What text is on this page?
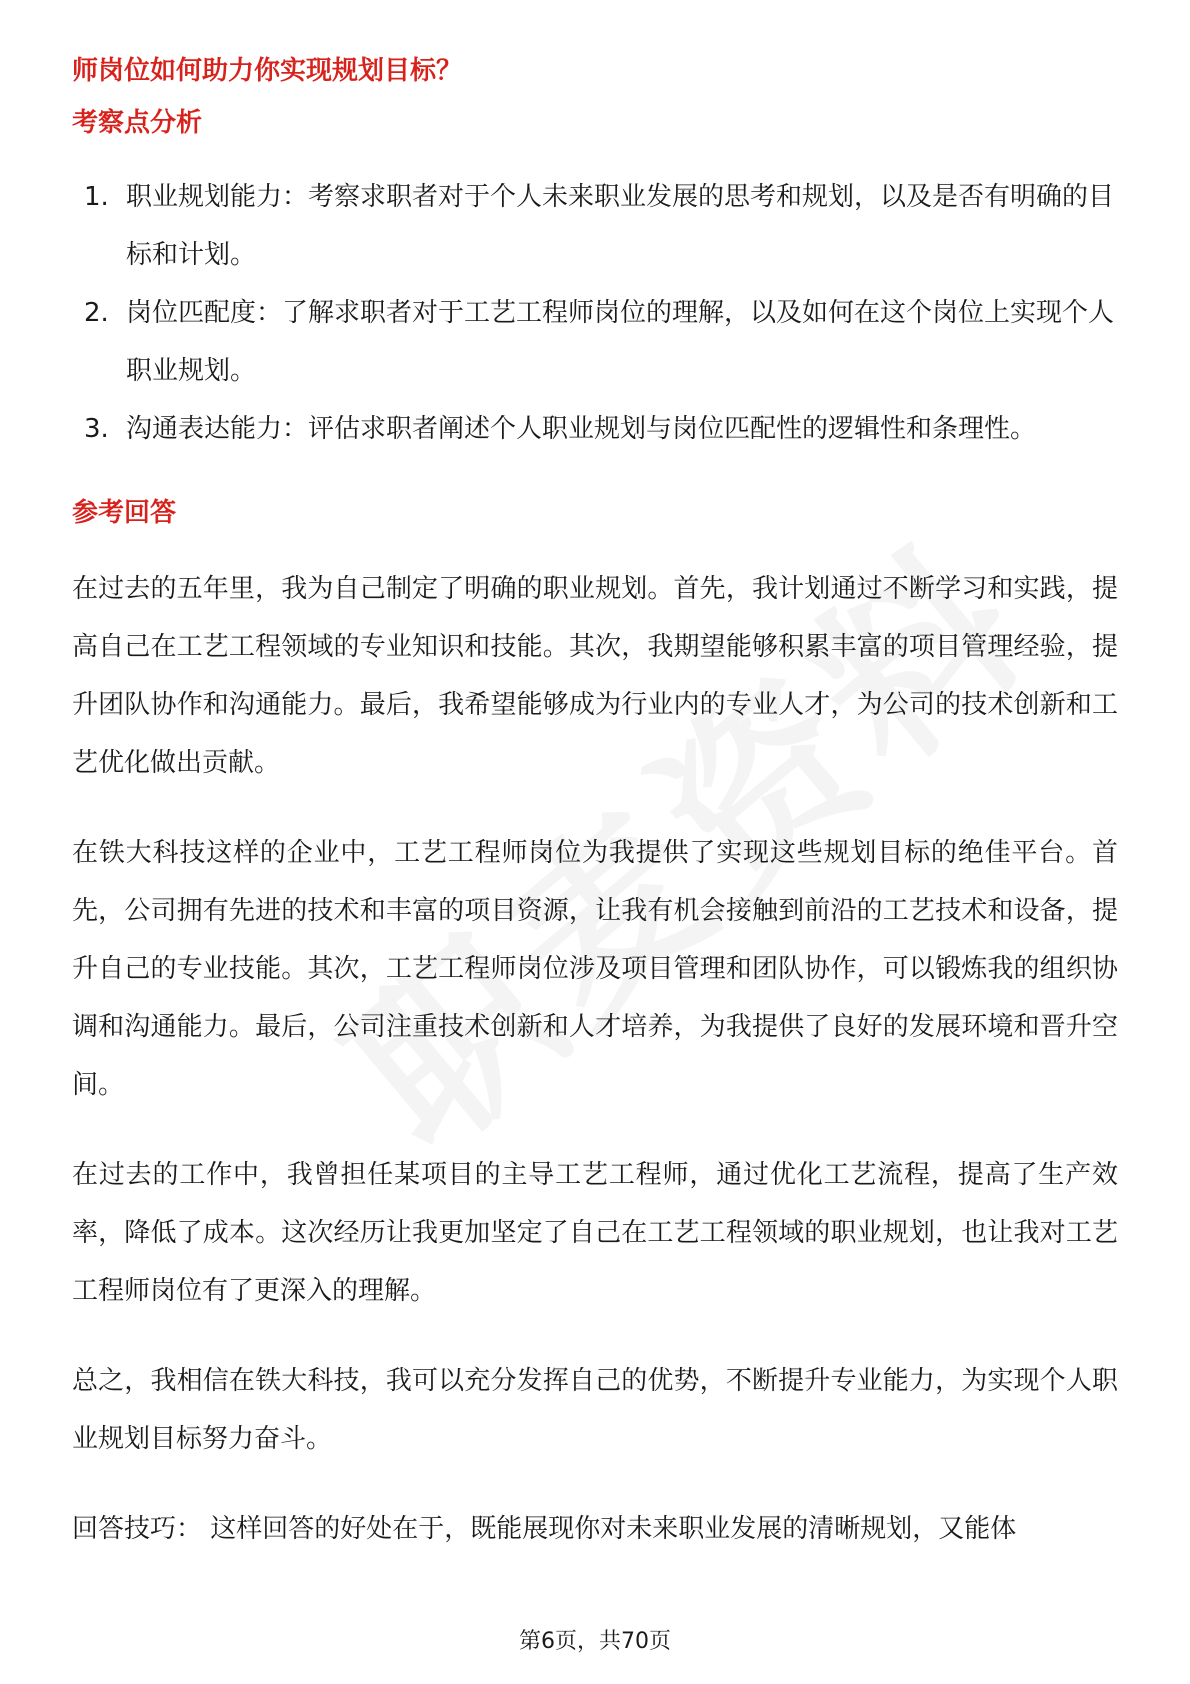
师岗位如何助力你实现规划目标？
考察点分析
1. 职业规划能力：考察求职者对于个人未来职业发展的思考和规划，以及是否有明确的目标和计划。
2. 岗位匹配度：了解求职者对于工艺工程师岗位的理解，以及如何在这个岗位上实现个人职业规划。
3. 沟通表达能力：评估求职者阐述个人职业规划与岗位匹配性的逻辑性和条理性。
参考回答

在过去的五年里，我为自己制定了明确的职业规划。首先，我计划通过不断学习和实践，提高自己在工艺工程领域的专业知识和技能。其次，我期望能够积累丰富的项目管理经验，提升团队协作和沟通能力。最后，我希望能够成为行业内的专业人才，为公司的技术创新和工艺优化做出贡献。

在铁大科技这样的企业中，工艺工程师岗位为我提供了实现这些规划目标的绝佳平台。首先，公司拥有先进的技术和丰富的项目资源，让我有机会接触到前沿的工艺技术和设备，提升自己的专业技能。其次，工艺工程师岗位涉及项目管理和团队协作，可以锻炼我的组织协调和沟通能力。最后，公司注重技术创新和人才培养，为我提供了良好的发展环境和晋升空间。

在过去的工作中，我曾担任某项目的主导工艺工程师，通过优化工艺流程，提高了生产效率，降低了成本。这次经历让我更加坚定了自己在工艺工程领域的职业规划，也让我对工艺工程师岗位有了更深入的理解。

总之，我相信在铁大科技，我可以充分发挥自己的优势，不断提升专业能力，为实现个人职业规划目标努力奋斗。

回答技巧： 这样回答的好处在于，既能展现你对未来职业发展的清晰规划，又能体
第6页，共70页
